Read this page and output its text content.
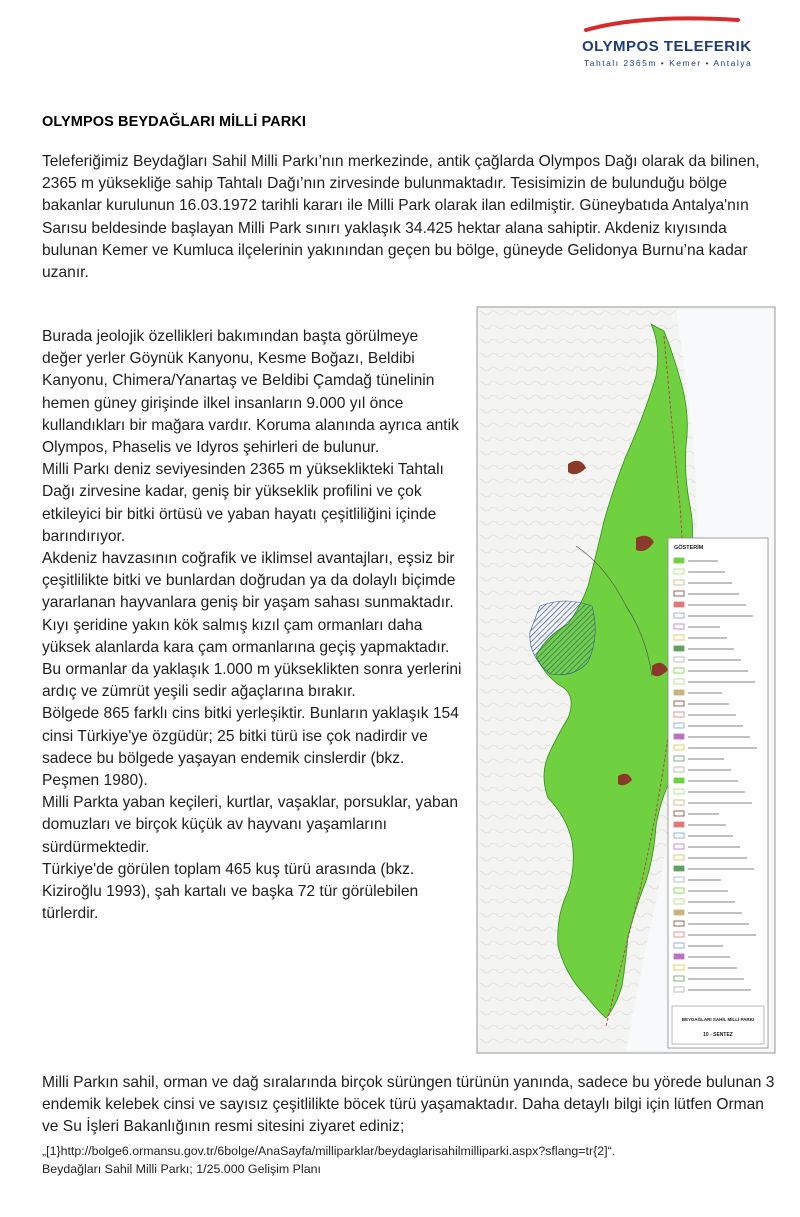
OLYMPOS TELEFERIK
Tahtalı 2365m • Kemer • Antalya
OLYMPOS BEYDAĞLARI MİLLİ PARKI

Teleferiğimiz Beydağları Sahil Milli Parkı’nın merkezinde, antik çağlarda Olympos Dağı olarak da bilinen, 2365 m yüksekliğe sahip Tahtalı Dağı’nın zirvesinde bulunmaktadır. Tesisimizin de bulunduğu bölge bakanlar kurulunun 16.03.1972 tarihli kararı ile Milli Park olarak ilan edilmiştir. Güneybatıda Antalya'nın Sarısu beldesinde başlayan Milli Park sınırı yaklaşık 34.425 hektar alana sahiptir. Akdeniz kıyısında bulunan Kemer ve Kumluca ilçelerinin yakınından geçen bu bölge, güneyde Gelidonya Burnu’na kadar uzanır.

Burada jeolojik özellikleri bakımından başta görülmeye değer yerler Göynük Kanyonu, Kesme Boğazı, Beldibi Kanyonu, Chimera/Yanartaş ve Beldibi Çamdağ tünelinin hemen güney girişinde ilkel insanların 9.000 yıl önce kullandıkları bir mağara vardır. Koruma alanında ayrıca antik Olympos, Phaselis ve Idyros şehirleri de bulunur.

Milli Parkı deniz seviyesinden 2365 m yüksekliktеki Tahtalı Dağı zirvesine kadar, geniş bir yükseklik profilini ve çok etkileyici bir bitki örtüsü ve yaban hayatı çeşitliliğini içinde barındırıyor.

Akdeniz havzasının coğrafik ve iklimsel avantajları, eşsiz bir çeşitlilikte bitki ve bunlardan doğrudan ya da dolaylı biçimde yararlanan hayvanlara geniş bir yaşam sahası sunmaktadır.

Kıyı şeridine yakın kök salmış kızıl çam ormanları daha yüksek alanlarda kara çam ormanlarına geçiş yapmaktadır.

Bu ormanlar da yaklaşık 1.000 m yükseklikten sonra yerlerini ardıç ve zümrüt yeşili sedir ağaçlarına bırakır.

Bölgede 865 farklı cins bitki yerleşiktir. Bunların yaklaşık 154 cinsi Türkiye'ye özgüdür; 25 bitki türü ise çok nadirdir ve sadece bu bölgede yaşayan endemik cinslerdir (bkz. Peşmen 1980).

Milli Parkta yaban keçileri, kurtlar, vaşaklar, porsuklar, yaban domuzları ve birçok küçük av hayvanı yaşamlarını sürdürmektedir.

Türkiye'de görülen toplam 465 kuş türü arasında (bkz. Kiziroğlu 1993), şah kartalı ve başka 72 tür görülebilen türlerdir.

GÖSTERİM
BEYDAĞLARI SAHİL MİLLİ PARKI
10 - SENTEZ

Milli Parkın sahil, orman ve dağ sıralarında birçok sürüngen türünün yanında, sadece bu yörede bulunan 3 endemik kelebek cinsi ve sayısız çeşitlilikte böcek türü yaşamaktadır. Daha detaylı bilgi için lütfen Orman ve Su İşleri Bakanlığının resmi sitesini ziyaret ediniz;

„[1}http://bolge6.ormansu.gov.tr/6bolge/AnaSayfa/milliparklar/beydaglarisahilmilliparki.aspx?sflang=tr{2]“.
Beydağları Sahil Milli Parkı; 1/25.000 Gelişim Planı
